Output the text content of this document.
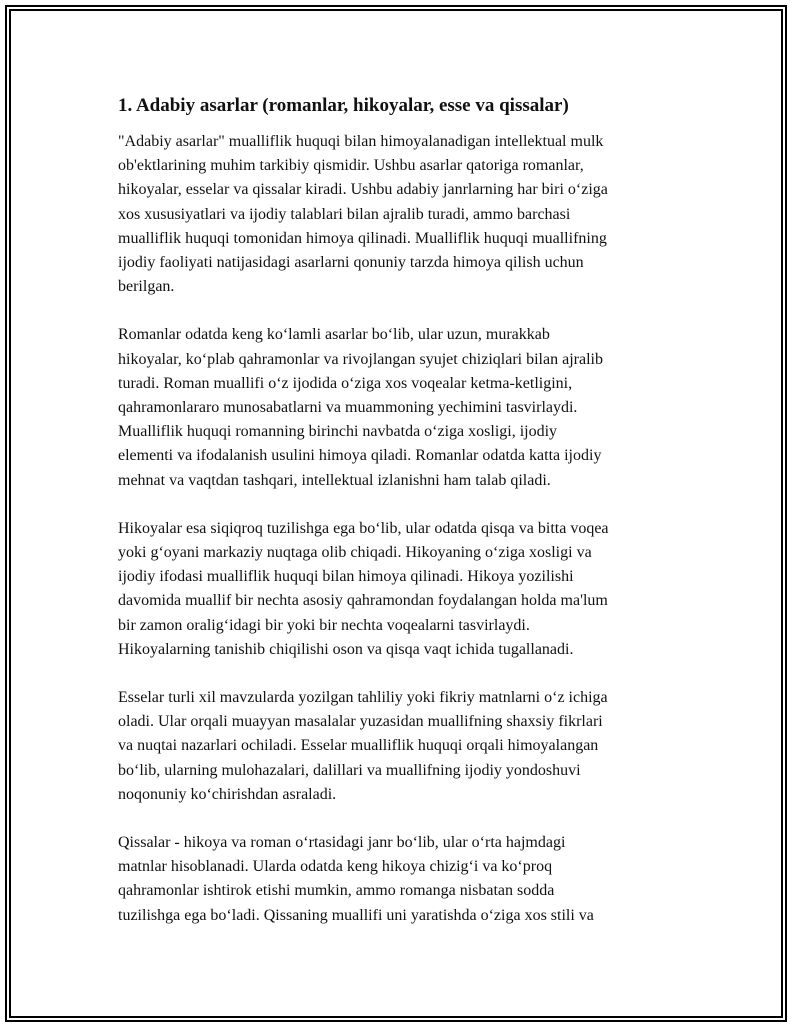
1. Adabiy asarlar (romanlar, hikoyalar, esse va qissalar)

"Adabiy asarlar" mualliflik huquqi bilan himoyalanadigan intellektual mulk
ob'ektlarining muhim tarkibiy qismidir. Ushbu asarlar qatoriga romanlar,
hikoyalar, esselar va qissalar kiradi. Ushbu adabiy janrlarning har biri o‘ziga
xos xususiyatlari va ijodiy talablari bilan ajralib turadi, ammo barchasi
mualliflik huquqi tomonidan himoya qilinadi. Mualliflik huquqi muallifning
ijodiy faoliyati natijasidagi asarlarni qonuniy tarzda himoya qilish uchun
berilgan.

Romanlar odatda keng ko‘lamli asarlar bo‘lib, ular uzun, murakkab
hikoyalar, ko‘plab qahramonlar va rivojlangan syujet chiziqlari bilan ajralib
turadi. Roman muallifi o‘z ijodida o‘ziga xos voqealar ketma-ketligini,
qahramonlararo munosabatlarni va muammoning yechimini tasvirlaydi.
Mualliflik huquqi romanning birinchi navbatda o‘ziga xosligi, ijodiy
elementi va ifodalanish usulini himoya qiladi. Romanlar odatda katta ijodiy
mehnat va vaqtdan tashqari, intellektual izlanishni ham talab qiladi.

Hikoyalar esa siqiqroq tuzilishga ega bo‘lib, ular odatda qisqa va bitta voqea
yoki g‘oyani markaziy nuqtaga olib chiqadi. Hikoyaning o‘ziga xosligi va
ijodiy ifodasi mualliflik huquqi bilan himoya qilinadi. Hikoya yozilishi
davomida muallif bir nechta asosiy qahramondan foydalangan holda ma'lum
bir zamon oralig‘idagi bir yoki bir nechta voqealarni tasvirlaydi.
Hikoyalarning tanishib chiqilishi oson va qisqa vaqt ichida tugallanadi.

Esselar turli xil mavzularda yozilgan tahliliy yoki fikriy matnlarni o‘z ichiga
oladi. Ular orqali muayyan masalalar yuzasidan muallifning shaxsiy fikrlari
va nuqtai nazarlari ochiladi. Esselar mualliflik huquqi orqali himoyalangan
bo‘lib, ularning mulohazalari, dalillari va muallifning ijodiy yondoshuvi
noqonuniy ko‘chirishdan asraladi.

Qissalar - hikoya va roman o‘rtasidagi janr bo‘lib, ular o‘rta hajmdagi
matnlar hisoblanadi. Ularda odatda keng hikoya chizig‘i va ko‘proq
qahramonlar ishtirok etishi mumkin, ammo romanga nisbatan sodda
tuzilishga ega bo‘ladi. Qissaning muallifi uni yaratishda o‘ziga xos stili va
